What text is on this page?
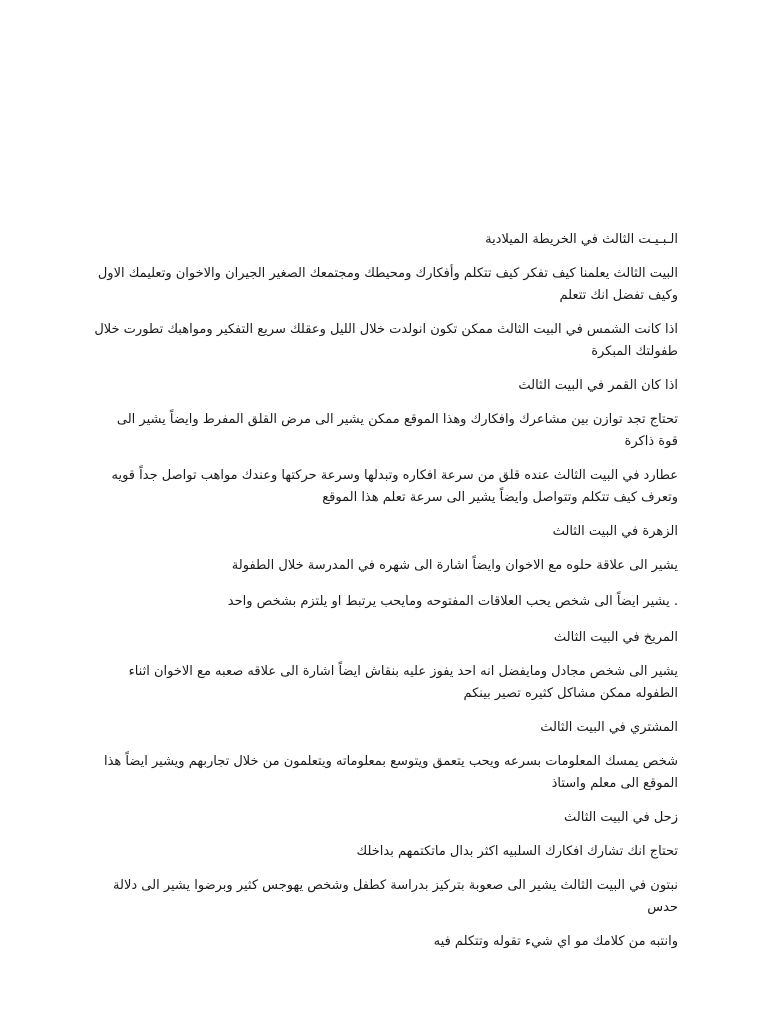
الـبـيـت الثالث في الخريطة الميلادية

البيت الثالث يعلمنا كيف تفكر كيف تتكلم وأفكارك ومحيطك ومجتمعك الصغير الجيران والاخوان وتعليمك الاول وكيف تفضل انك تتعلم

اذا كانت الشمس في البيت الثالث ممكن تكون انولدت خلال الليل وعقلك سريع التفكير ومواهبك تطورت خلال طفولتك المبكرة

اذا كان القمر في البيت الثالث

تحتاج تجد توازن بين مشاعرك وافكارك وهذا الموقع ممكن يشير الى مرض القلق المفرط وايضاً يشير الى قوة ذاكرة

عطارد في البيت الثالث عنده قلق من سرعة افكاره وتبدلها وسرعة حركتها وعندك مواهب تواصل جداً قويه وتعرف كيف تتكلم وتتواصل وايضاً يشير الى سرعة تعلم هذا الموقع

الزهرة في البيت الثالث

يشير الى علاقة حلوه مع الاخوان وايضاً اشارة الى شهره في المدرسة خلال الطفولة

. يشير ايضاً الى شخص يحب العلاقات المفتوحه ومايحب يرتبط او يلتزم بشخص واحد

المريخ في البيت الثالث

يشير الى شخص مجادل ومايفضل انه احد يفوز عليه بنقاش ايضاً اشارة الى علاقه صعبه مع الاخوان اثناء الطفوله ممكن مشاكل كثيره تصير بينكم

المشتري في البيت الثالث

شخص يمسك المعلومات بسرعه ويحب يتعمق ويتوسع بمعلوماته ويتعلمون من خلال تجاربهم ويشير ايضاً هذا الموقع الى معلم واستاذ

زحل في البيت الثالث

تحتاج انك تشارك افكارك السلبيه اكثر بدال ماتكتمهم بداخلك

نبتون في البيت الثالث يشير الى صعوبة بتركيز بدراسة كطفل وشخص يهوجس كثير وبرضوا يشير الى دلالة حدس

وانتبه من كلامك مو اي شيء تقوله وتتكلم فيه
